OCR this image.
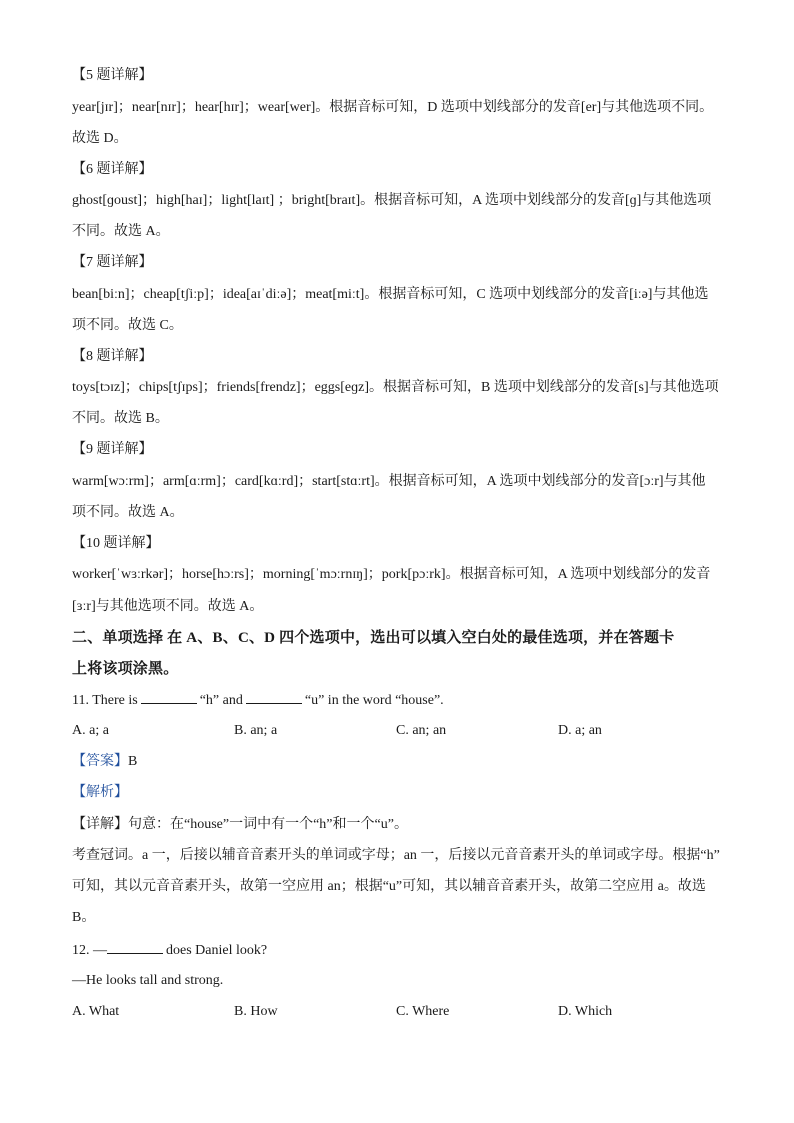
【5 题详解】
year[jɪr]；near[nɪr]；hear[hɪr]；wear[wer]。根据音标可知，D 选项中划线部分的发音[er]与其他选项不同。
故选 D。
【6 题详解】
ghost[ɡoust]；high[haɪ]；light[laɪt] ；bright[braɪt]。根据音标可知，A 选项中划线部分的发音[ɡ]与其他选项
不同。故选 A。
【7 题详解】
bean[biːn]；cheap[tʃiːp]；idea[aɪˈdiːə]；meat[miːt]。根据音标可知，C 选项中划线部分的发音[iːə]与其他选
项不同。故选 C。
【8 题详解】
toys[tɔɪz]；chips[tʃɪps]；friends[frendz]；eggs[eɡz]。根据音标可知，B 选项中划线部分的发音[s]与其他选项
不同。故选 B。
【9 题详解】
warm[wɔːrm]；arm[ɑːrm]；card[kɑːrd]；start[stɑːrt]。根据音标可知，A 选项中划线部分的发音[ɔːr]与其他
项不同。故选 A。
【10 题详解】
worker[ˈwɜːrkər]；horse[hɔːrs]；morning[ˈmɔːrnɪŋ]；pork[pɔːrk]。根据音标可知，A 选项中划线部分的发音
[ɜːr]与其他选项不同。故选 A。
二、单项选择 在 A、B、C、D 四个选项中，选出可以填入空白处的最佳选项，并在答题卡
上将该项涂黑。
11. There is	“h” and	“u” in the word “house”.
A. a; a	B. an; a	C. an; an	D. a; an
【答案】B
【解析】
【详解】句意：在“house”一词中有一个“h”和一个“u”。
考查冠词。a 一，后接以辅音音素开头的单词或字母；an 一，后接以元音音素开头的单词或字母。根据“h”
可知，其以元音音素开头，故第一空应用 an；根据“u”可知，其以辅音音素开头，故第二空应用 a。故选
B。
12. —	does Daniel look?
—He looks tall and strong.
A. What	B. How	C. Where	D. Which
